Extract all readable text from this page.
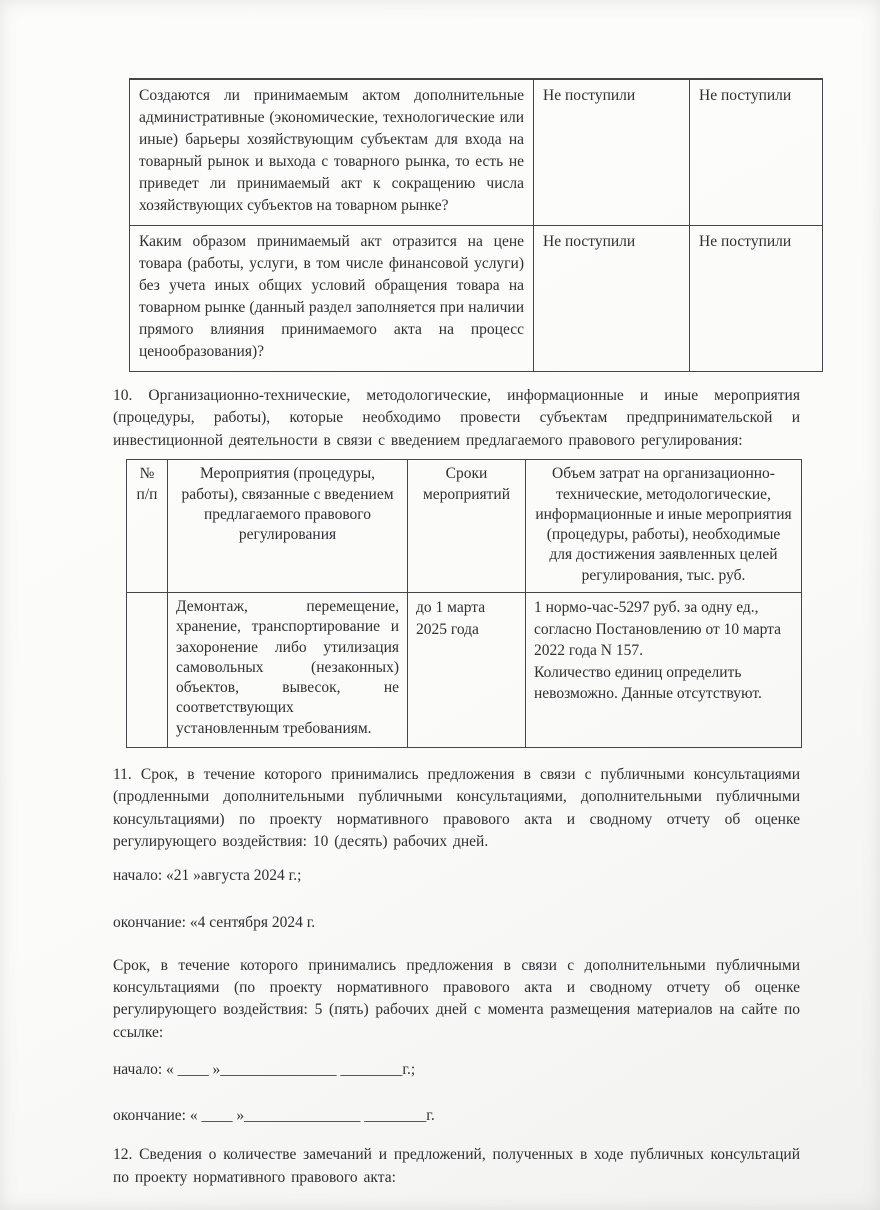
Создаются ли принимаемым актом дополнительные административные (экономические, технологические или иные) барьеры хозяйствующим субъектам для входа на товарный рынок и выхода с товарного рынка, то есть не приведет ли принимаемый акт к сокращению числа хозяйствующих субъектов на товарном рынке?	Не поступили	Не поступили
Каким образом принимаемый акт отразится на цене товара (работы, услуги, в том числе финансовой услуги) без учета иных общих условий обращения товара на товарном рынке (данный раздел заполняется при наличии прямого влияния принимаемого акта на процесс ценообразования)?	Не поступили	Не поступили

10. Организационно-технические, методологические, информационные и иные мероприятия (процедуры, работы), которые необходимо провести субъектам предпринимательской и инвестиционной деятельности в связи с введением предлагаемого правового регулирования:

№ п/п	Мероприятия (процедуры, работы), связанные с введением предлагаемого правового регулирования	Сроки мероприятий	Объем затрат на организационно-технические, методологические, информационные и иные мероприятия (процедуры, работы), необходимые для достижения заявленных целей регулирования, тыс. руб.
	Демонтаж, перемещение, хранение, транспортирование и захоронение либо утилизация самовольных (незаконных) объектов, вывесок, не соответствующих установленным требованиям.	до 1 марта 2025 года	1 нормо-час-5297 руб. за одну ед., согласно Постановлению от 10 марта 2022 года N 157.
Количество единиц определить невозможно. Данные отсутствуют.

11. Срок, в течение которого принимались предложения в связи с публичными консультациями (продленными дополнительными публичными консультациями, дополнительными публичными консультациями) по проекту нормативного правового акта и сводному отчету об оценке регулирующего воздействия: 10 (десять) рабочих дней.

начало: «21 »августа 2024 г.;

окончание: «4 сентября 2024 г.

Срок, в течение которого принимались предложения в связи с дополнительными публичными консультациями (по проекту нормативного правового акта и сводному отчету об оценке регулирующего воздействия: 5 (пять) рабочих дней с момента размещения материалов на сайте по ссылке:

начало: « ____ »_______________ ________г.;

окончание: « ____ »_______________ ________г.

12. Сведения о количестве замечаний и предложений, полученных в ходе публичных консультаций по проекту нормативного правового акта:
